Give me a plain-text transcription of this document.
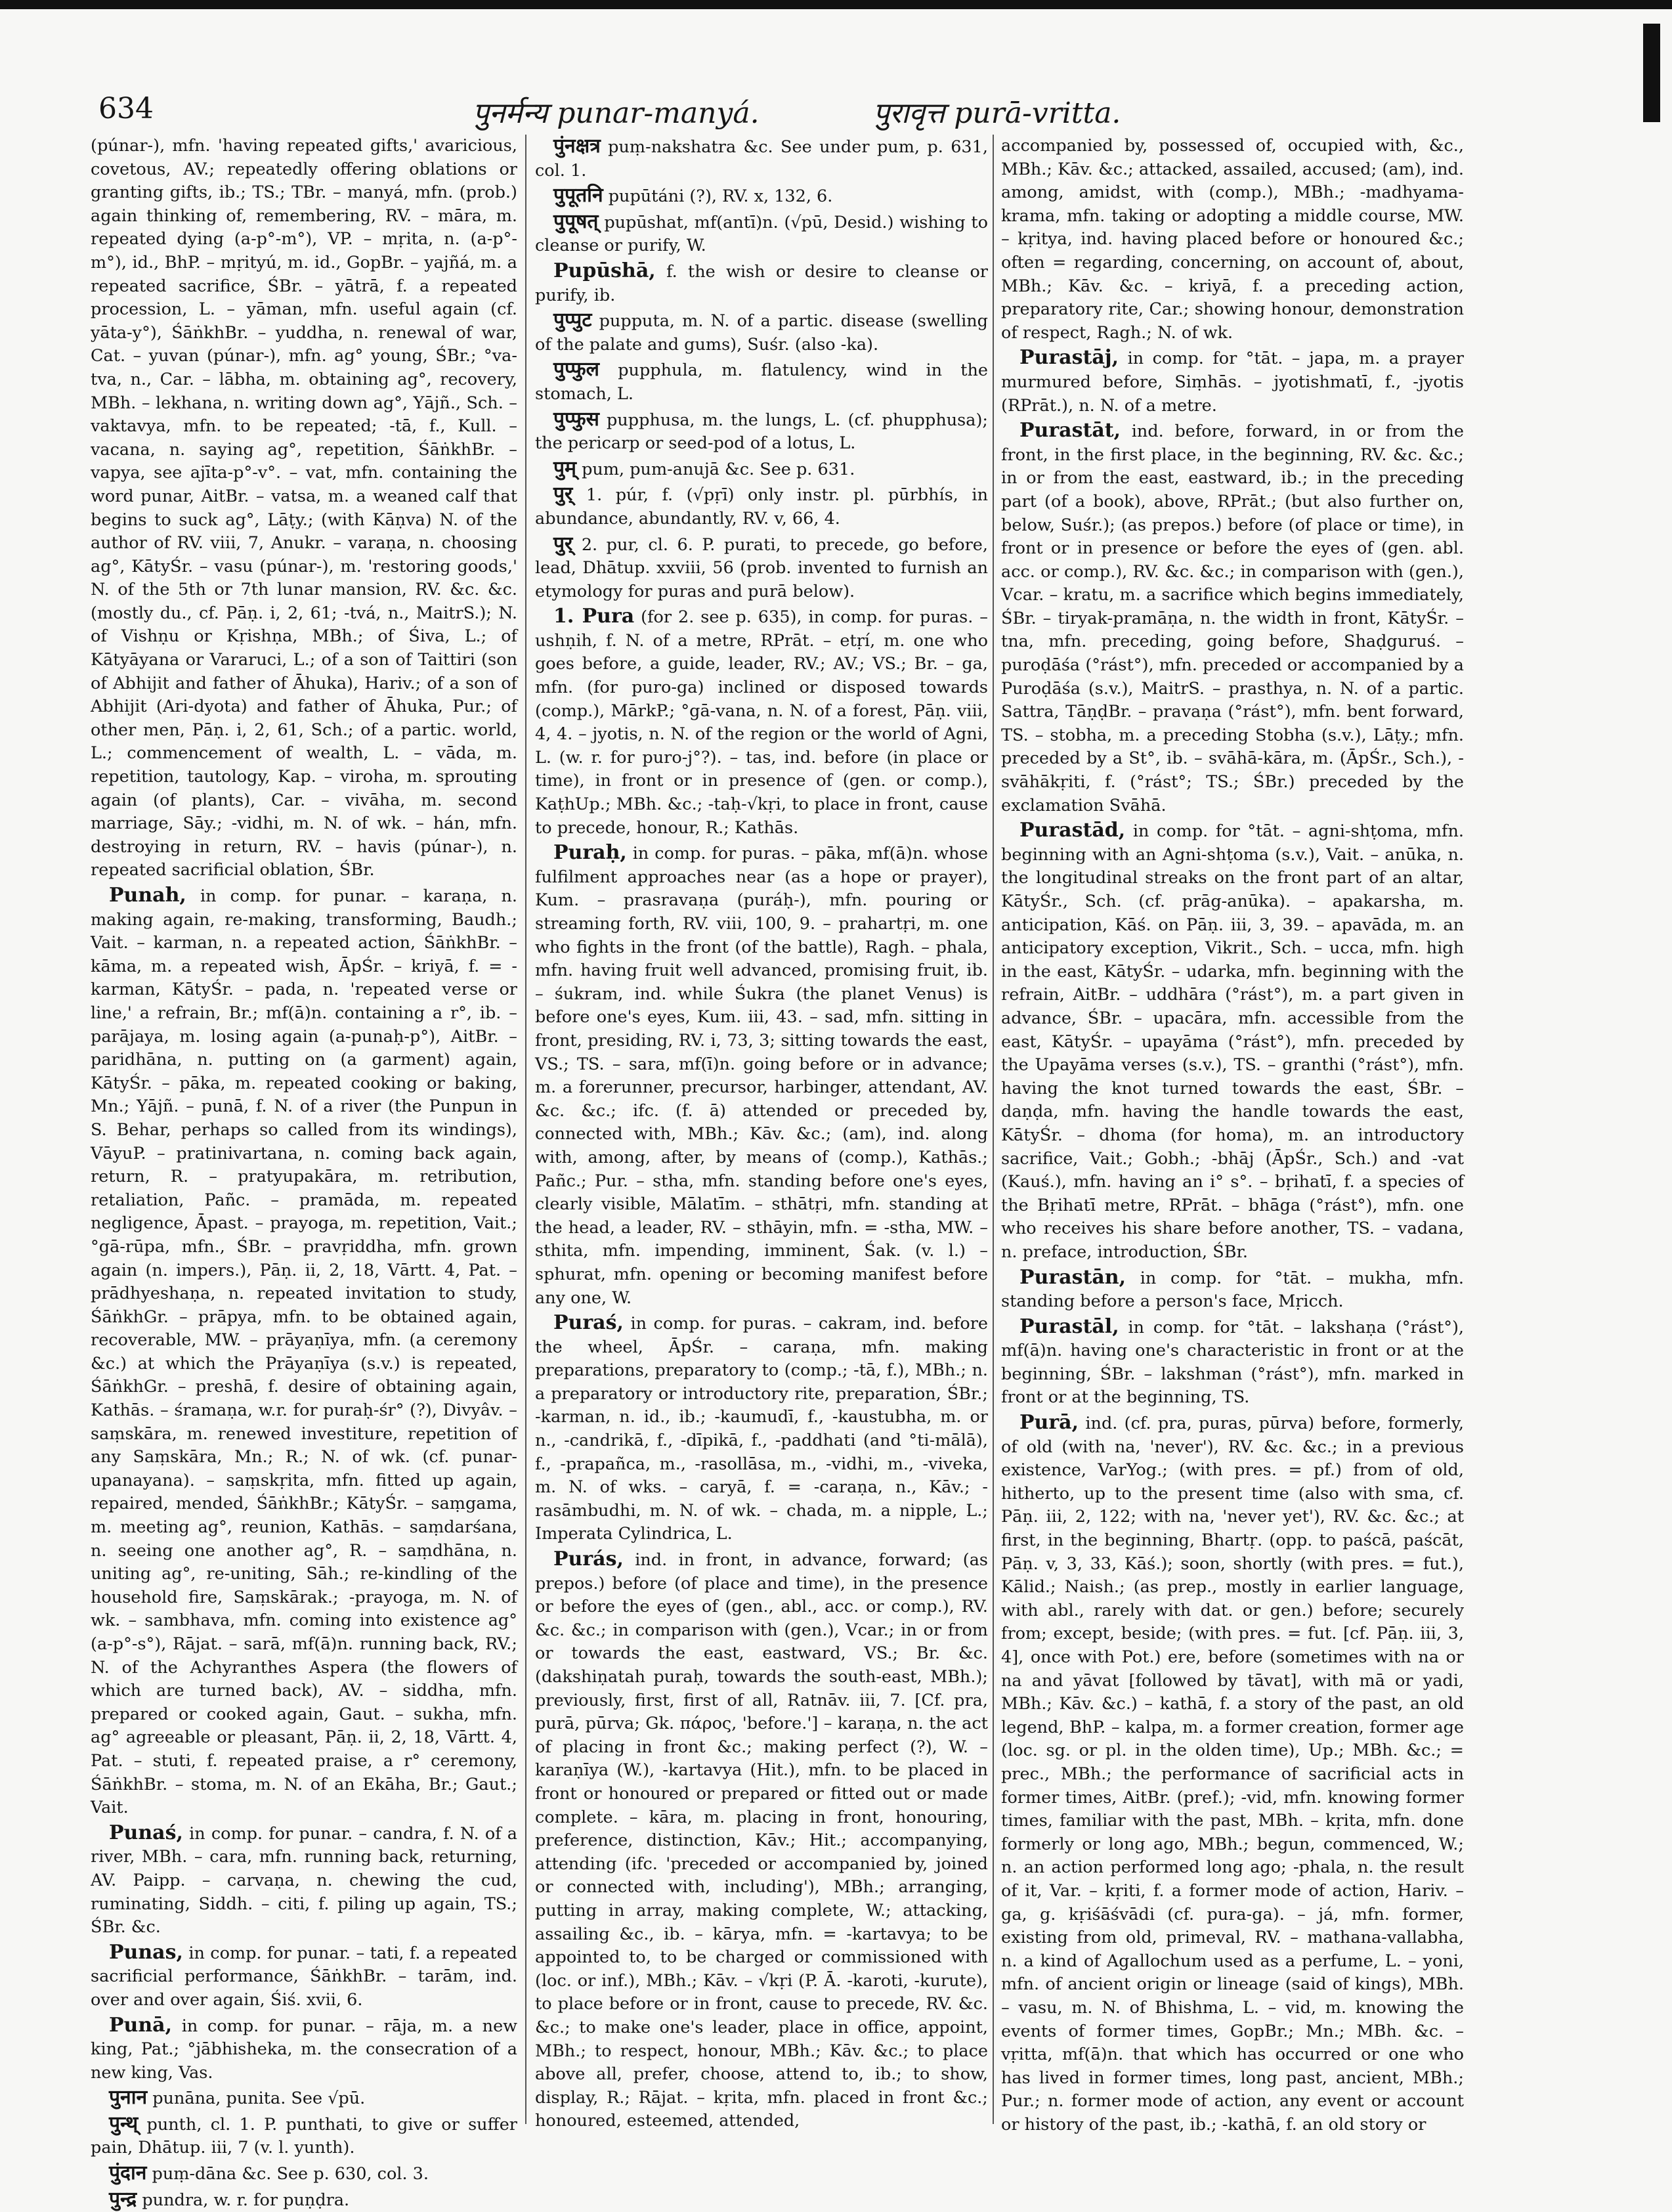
634	पुनर्मन्य punar-manyá.	पुरावृत्त purā-vritta.

(púnar-), mfn. 'having repeated gifts,' avaricious, covetous, AV.; repeatedly offering oblations or granting gifts, ib.; TS.; TBr. – manyá, mfn. (prob.) again thinking of, remembering, RV. – māra, m. repeated dying (a-p°-m°), VP. – mṛita, n. (a-p°-m°), id., BhP. – mṛityú, m. id., GopBr. – yajñá, m. a repeated sacrifice, ŚBr. – yātrā, f. a repeated procession, L. – yāman, mfn. useful again (cf. yāta-y°), ŚāṅkhBr. – yuddha, n. renewal of war, Cat. – yuvan (púnar-), mfn. ag° young, ŚBr.; °va-tva, n., Car. – lābha, m. obtaining ag°, recovery, MBh. – lekhana, n. writing down ag°, Yājñ., Sch. – vaktavya, mfn. to be repeated; -tā, f., Kull. – vacana, n. saying ag°, repetition, ŚāṅkhBr. – vapya, see ajīta-p°-v°. – vat, mfn. containing the word punar, AitBr. – vatsa, m. a weaned calf that begins to suck ag°, Lāṭy.; (with Kāṇva) N. of the author of RV. viii, 7, Anukr. – varaṇa, n. choosing ag°, KātyŚr. – vasu (púnar-), m. 'restoring goods,' N. of the 5th or 7th lunar mansion, RV. &c. &c. (mostly du., cf. Pāṇ. i, 2, 61; -tvá, n., MaitrS.); N. of Vishṇu or Kṛishṇa, MBh.; of Śiva, L.; of Kātyāyana or Vararuci, L.; of a son of Taittiri (son of Abhijit and father of Āhuka), Hariv.; of a son of Abhijit (Ari-dyota) and father of Āhuka, Pur.; of other men, Pāṇ. i, 2, 61, Sch.; of a partic. world, L.; commencement of wealth, L. – vāda, m. repetition, tautology, Kap. – viroha, m. sprouting again (of plants), Car. – vivāha, m. second marriage, Sāy.; -vidhi, m. N. of wk. – hán, mfn. destroying in return, RV. – havis (púnar-), n. repeated sacrificial oblation, ŚBr.

Punah, in comp. for punar. – karaṇa, n. making again, re-making, transforming, Baudh.; Vait. – karman, n. a repeated action, ŚāṅkhBr. – kāma, m. a repeated wish, ĀpŚr. – kriyā, f. = -karman, KātyŚr. – pada, n. 'repeated verse or line,' a refrain, Br.; mf(ā)n. containing a r°, ib. – parājaya, m. losing again (a-punaḥ-p°), AitBr. – paridhāna, n. putting on (a garment) again, KātyŚr. – pāka, m. repeated cooking or baking, Mn.; Yājñ. – punā, f. N. of a river (the Punpun in S. Behar, perhaps so called from its windings), VāyuP. – pratinivartana, n. coming back again, return, R. – pratyupakāra, m. retribution, retaliation, Pañc. – pramāda, m. repeated negligence, Āpast. – prayoga, m. repetition, Vait.; °gā-rūpa, mfn., ŚBr. – pravṛiddha, mfn. grown again (n. impers.), Pāṇ. ii, 2, 18, Vārtt. 4, Pat. – prādhyeshaṇa, n. repeated invitation to study, ŚāṅkhGr. – prāpya, mfn. to be obtained again, recoverable, MW. – prāyaṇīya, mfn. (a ceremony &c.) at which the Prāyaṇīya (s.v.) is repeated, ŚāṅkhGr. – preshā, f. desire of obtaining again, Kathās. – śramaṇa, w.r. for puraḥ-śr° (?), Divyâv. – saṃskāra, m. renewed investiture, repetition of any Saṃskāra, Mn.; R.; N. of wk. (cf. punar-upanayana). – saṃskṛita, mfn. fitted up again, repaired, mended, ŚāṅkhBr.; KātyŚr. – saṃgama, m. meeting ag°, reunion, Kathās. – saṃdarśana, n. seeing one another ag°, R. – saṃdhāna, n. uniting ag°, re-uniting, Sāh.; re-kindling of the household fire, Saṃskārak.; -prayoga, m. N. of wk. – sambhava, mfn. coming into existence ag° (a-p°-s°), Rājat. – sarā, mf(ā)n. running back, RV.; N. of the Achyranthes Aspera (the flowers of which are turned back), AV. – siddha, mfn. prepared or cooked again, Gaut. – sukha, mfn. ag° agreeable or pleasant, Pāṇ. ii, 2, 18, Vārtt. 4, Pat. – stuti, f. repeated praise, a r° ceremony, ŚāṅkhBr. – stoma, m. N. of an Ekāha, Br.; Gaut.; Vait.

Punaś, in comp. for punar. – candra, f. N. of a river, MBh. – cara, mfn. running back, returning, AV. Paipp. – carvaṇa, n. chewing the cud, ruminating, Siddh. – citi, f. piling up again, TS.; ŚBr. &c.

Punas, in comp. for punar. – tati, f. a repeated sacrificial performance, ŚāṅkhBr. – tarām, ind. over and over again, Śiś. xvii, 6.

Punā, in comp. for punar. – rāja, m. a new king, Pat.; °jābhisheka, m. the consecration of a new king, Vas.

पुनान punāna, punita. See √pū.

पुन्थ् punth, cl. 1. P. punthati, to give or suffer pain, Dhātup. iii, 7 (v. l. yunth).

पुंदान puṃ-dāna &c. See p. 630, col. 3.

पुन्द्र pundra, w. r. for puṇḍra.

पुंनक्षत्र puṃ-nakshatra &c. See under pum, p. 631, col. 1.

पुपूतनि pupūtáni (?), RV. x, 132, 6.

पुपूषत् pupūshat, mf(antī)n. (√pū, Desid.) wishing to cleanse or purify, W.

Pupūshā, f. the wish or desire to cleanse or purify, ib.

पुप्पुट pupputa, m. N. of a partic. disease (swelling of the palate and gums), Suśr. (also -ka).

पुप्फुल pupphula, m. flatulency, wind in the stomach, L.

पुप्फुस pupphusa, m. the lungs, L. (cf. phupphusa); the pericarp or seed-pod of a lotus, L.

पुम् pum, pum-anujā &c. See p. 631.

पुर् 1. púr, f. (√pṛī) only instr. pl. pūrbhís, in abundance, abundantly, RV. v, 66, 4.

पुर् 2. pur, cl. 6. P. purati, to precede, go before, lead, Dhātup. xxviii, 56 (prob. invented to furnish an etymology for puras and purā below).

1. Pura (for 2. see p. 635), in comp. for puras. – ushṇih, f. N. of a metre, RPrāt. – etṛí, m. one who goes before, a guide, leader, RV.; AV.; VS.; Br. – ga, mfn. (for puro-ga) inclined or disposed towards (comp.), MārkP.; °gā-vana, n. N. of a forest, Pāṇ. viii, 4, 4. – jyotis, n. N. of the region or the world of Agni, L. (w. r. for puro-j°?). – tas, ind. before (in place or time), in front or in presence of (gen. or comp.), KaṭhUp.; MBh. &c.; -taḥ-√kṛi, to place in front, cause to precede, honour, R.; Kathās.

Puraḥ, in comp. for puras. – pāka, mf(ā)n. whose fulfilment approaches near (as a hope or prayer), Kum. – prasravaṇa (puráḥ-), mfn. pouring or streaming forth, RV. viii, 100, 9. – prahartṛi, m. one who fights in the front (of the battle), Ragh. – phala, mfn. having fruit well advanced, promising fruit, ib. – śukram, ind. while Śukra (the planet Venus) is before one's eyes, Kum. iii, 43. – sad, mfn. sitting in front, presiding, RV. i, 73, 3; sitting towards the east, VS.; TS. – sara, mf(ī)n. going before or in advance; m. a forerunner, precursor, harbinger, attendant, AV. &c. &c.; ifc. (f. ā) attended or preceded by, connected with, MBh.; Kāv. &c.; (am), ind. along with, among, after, by means of (comp.), Kathās.; Pañc.; Pur. – stha, mfn. standing before one's eyes, clearly visible, Mālatīm. – sthātṛi, mfn. standing at the head, a leader, RV. – sthāyin, mfn. = -stha, MW. – sthita, mfn. impending, imminent, Śak. (v. l.) – sphurat, mfn. opening or becoming manifest before any one, W.

Puraś, in comp. for puras. – cakram, ind. before the wheel, ĀpŚr. – caraṇa, mfn. making preparations, preparatory to (comp.; -tā, f.), MBh.; n. a preparatory or introductory rite, preparation, ŚBr.; -karman, n. id., ib.; -kaumudī, f., -kaustubha, m. or n., -candrikā, f., -dīpikā, f., -paddhati (and °ti-mālā), f., -prapañca, m., -rasollāsa, m., -vidhi, m., -viveka, m. N. of wks. – caryā, f. = -caraṇa, n., Kāv.; -rasāmbudhi, m. N. of wk. – chada, m. a nipple, L.; Imperata Cylindrica, L.

Purás, ind. in front, in advance, forward; (as prepos.) before (of place and time), in the presence or before the eyes of (gen., abl., acc. or comp.), RV. &c. &c.; in comparison with (gen.), Vcar.; in or from or towards the east, eastward, VS.; Br. &c. (dakshiṇatah puraḥ, towards the south-east, MBh.); previously, first, first of all, Ratnāv. iii, 7. [Cf. pra, purā, pūrva; Gk. πάρος, 'before.'] – karaṇa, n. the act of placing in front &c.; making perfect (?), W. – karaṇīya (W.), -kartavya (Hit.), mfn. to be placed in front or honoured or prepared or fitted out or made complete. – kāra, m. placing in front, honouring, preference, distinction, Kāv.; Hit.; accompanying, attending (ifc. 'preceded or accompanied by, joined or connected with, including'), MBh.; arranging, putting in array, making complete, W.; attacking, assailing &c., ib. – kārya, mfn. = -kartavya; to be appointed to, to be charged or commissioned with (loc. or inf.), MBh.; Kāv. – √kṛi (P. Ā. -karoti, -kurute), to place before or in front, cause to precede, RV. &c. &c.; to make one's leader, place in office, appoint, MBh.; to respect, honour, MBh.; Kāv. &c.; to place above all, prefer, choose, attend to, ib.; to show, display, R.; Rājat. – kṛita, mfn. placed in front &c.; honoured, esteemed, attended,

accompanied by, possessed of, occupied with, &c., MBh.; Kāv. &c.; attacked, assailed, accused; (am), ind. among, amidst, with (comp.), MBh.; -madhyama-krama, mfn. taking or adopting a middle course, MW. – kṛitya, ind. having placed before or honoured &c.; often = regarding, concerning, on account of, about, MBh.; Kāv. &c. – kriyā, f. a preceding action, preparatory rite, Car.; showing honour, demonstration of respect, Ragh.; N. of wk.

Purastāj, in comp. for °tāt. – japa, m. a prayer murmured before, Siṃhās. – jyotishmatī, f., -jyotis (RPrāt.), n. N. of a metre.

Purastāt, ind. before, forward, in or from the front, in the first place, in the beginning, RV. &c. &c.; in or from the east, eastward, ib.; in the preceding part (of a book), above, RPrāt.; (but also further on, below, Suśr.); (as prepos.) before (of place or time), in front or in presence or before the eyes of (gen. abl. acc. or comp.), RV. &c. &c.; in comparison with (gen.), Vcar. – kratu, m. a sacrifice which begins immediately, ŚBr. – tiryak-pramāṇa, n. the width in front, KātyŚr. – tna, mfn. preceding, going before, Shaḍguruś. – puroḍāśa (°rást°), mfn. preceded or accompanied by a Puroḍāśa (s.v.), MaitrS. – prasthya, n. N. of a partic. Sattra, TāṇḍBr. – pravaṇa (°rást°), mfn. bent forward, TS. – stobha, m. a preceding Stobha (s.v.), Lāṭy.; mfn. preceded by a St°, ib. – svāhā-kāra, m. (ĀpŚr., Sch.), -svāhākṛiti, f. (°rást°; TS.; ŚBr.) preceded by the exclamation Svāhā.

Purastād, in comp. for °tāt. – agni-shṭoma, mfn. beginning with an Agni-shṭoma (s.v.), Vait. – anūka, n. the longitudinal streaks on the front part of an altar, KātyŚr., Sch. (cf. prāg-anūka). – apakarsha, m. anticipation, Kāś. on Pāṇ. iii, 3, 39. – apavāda, m. an anticipatory exception, Vikrit., Sch. – ucca, mfn. high in the east, KātyŚr. – udarka, mfn. beginning with the refrain, AitBr. – uddhāra (°rást°), m. a part given in advance, ŚBr. – upacāra, mfn. accessible from the east, KātyŚr. – upayāma (°rást°), mfn. preceded by the Upayāma verses (s.v.), TS. – granthi (°rást°), mfn. having the knot turned towards the east, ŚBr. – daṇḍa, mfn. having the handle towards the east, KātyŚr. – dhoma (for homa), m. an introductory sacrifice, Vait.; Gobh.; -bhāj (ĀpŚr., Sch.) and -vat (Kauś.), mfn. having an i° s°. – bṛihatī, f. a species of the Bṛihatī metre, RPrāt. – bhāga (°rást°), mfn. one who receives his share before another, TS. – vadana, n. preface, introduction, ŚBr.

Purastān, in comp. for °tāt. – mukha, mfn. standing before a person's face, Mṛicch.

Purastāl, in comp. for °tāt. – lakshaṇa (°rást°), mf(ā)n. having one's characteristic in front or at the beginning, ŚBr. – lakshman (°rást°), mfn. marked in front or at the beginning, TS.

Purā, ind. (cf. pra, puras, pūrva) before, formerly, of old (with na, 'never'), RV. &c. &c.; in a previous existence, VarYog.; (with pres. = pf.) from of old, hitherto, up to the present time (also with sma, cf. Pāṇ. iii, 2, 122; with na, 'never yet'), RV. &c. &c.; at first, in the beginning, Bhartṛ. (opp. to paścā, paścāt, Pāṇ. v, 3, 33, Kāś.); soon, shortly (with pres. = fut.), Kālid.; Naish.; (as prep., mostly in earlier language, with abl., rarely with dat. or gen.) before; securely from; except, beside; (with pres. = fut. [cf. Pāṇ. iii, 3, 4], once with Pot.) ere, before (sometimes with na or na and yāvat [followed by tāvat], with mā or yadi, MBh.; Kāv. &c.) – kathā, f. a story of the past, an old legend, BhP. – kalpa, m. a former creation, former age (loc. sg. or pl. in the olden time), Up.; MBh. &c.; = prec., MBh.; the performance of sacrificial acts in former times, AitBr. (pref.); -vid, mfn. knowing former times, familiar with the past, MBh. – kṛita, mfn. done formerly or long ago, MBh.; begun, commenced, W.; n. an action performed long ago; -phala, n. the result of it, Var. – kṛiti, f. a former mode of action, Hariv. – ga, g. kṛiśāśvādi (cf. pura-ga). – já, mfn. former, existing from old, primeval, RV. – mathana-vallabha, n. a kind of Agallochum used as a perfume, L. – yoni, mfn. of ancient origin or lineage (said of kings), MBh. – vasu, m. N. of Bhishma, L. – vid, m. knowing the events of former times, GopBr.; Mn.; MBh. &c. – vṛitta, mf(ā)n. that which has occurred or one who has lived in former times, long past, ancient, MBh.; Pur.; n. former mode of action, any event or account or history of the past, ib.; -kathā, f. an old story or
